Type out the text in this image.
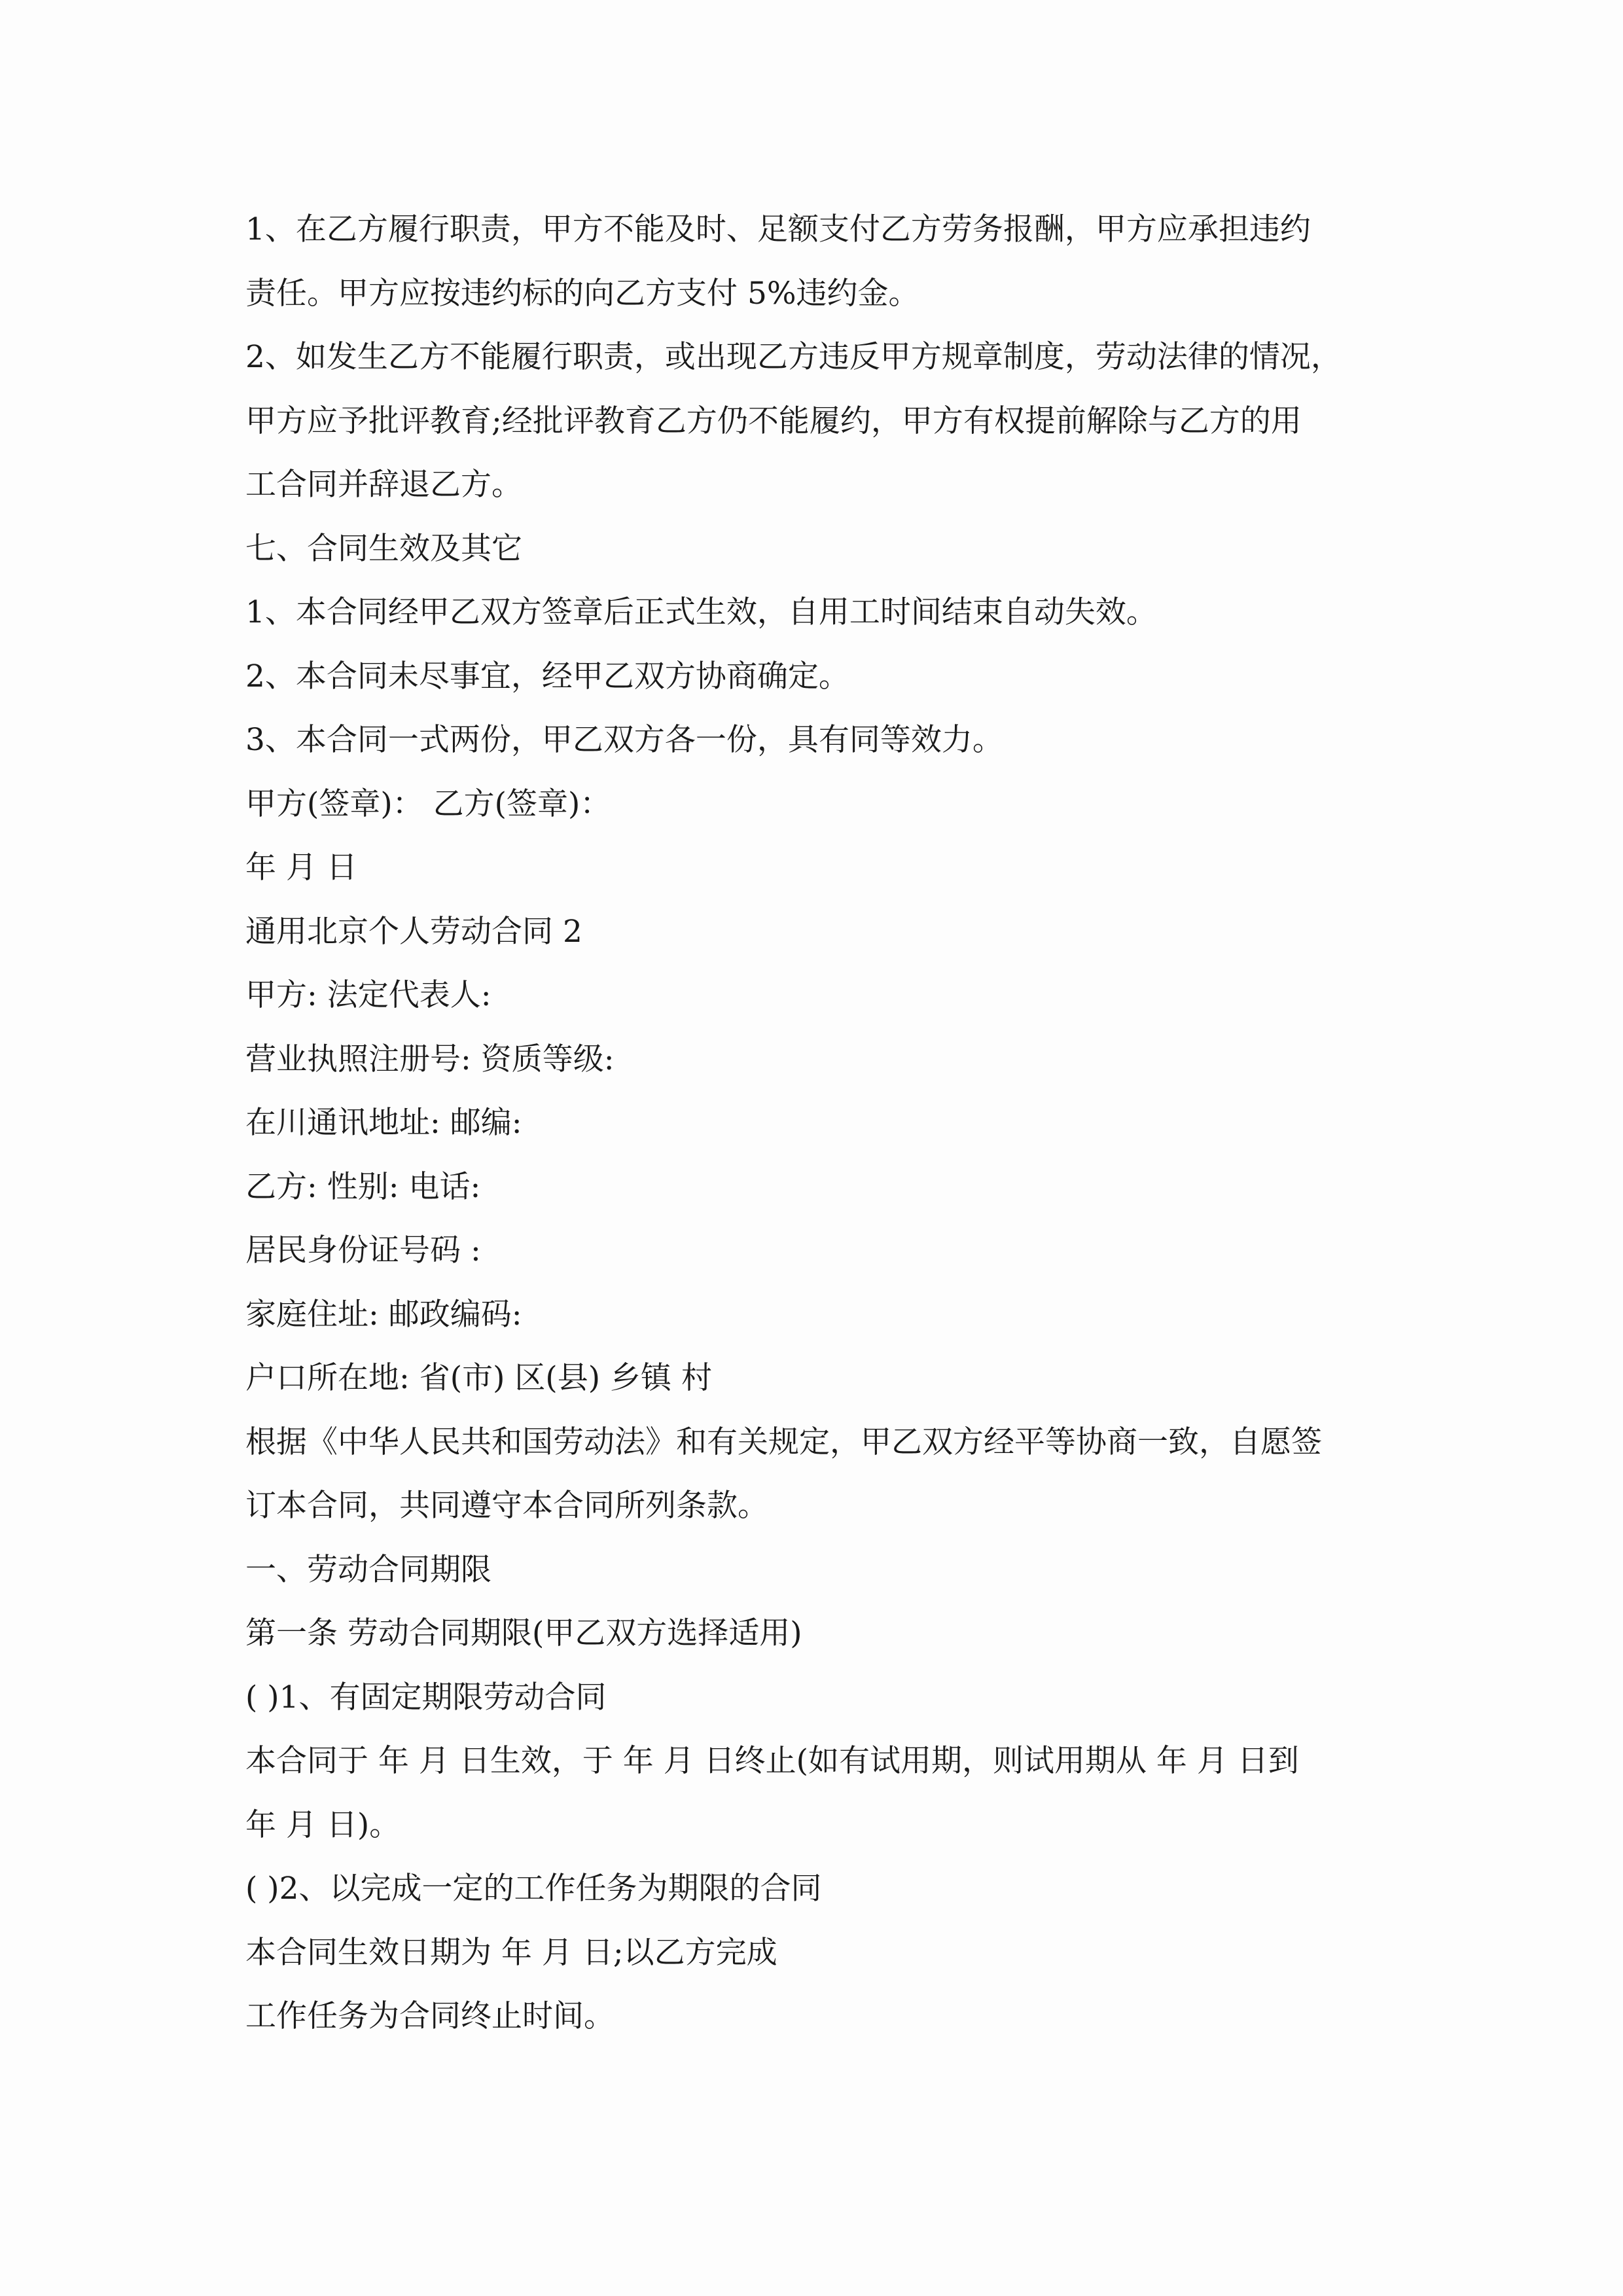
1、在乙方履行职责，甲方不能及时、足额支付乙方劳务报酬，甲方应承担违约
责任。甲方应按违约标的向乙方支付 5%违约金。
2、如发生乙方不能履行职责，或出现乙方违反甲方规章制度，劳动法律的情况，
甲方应予批评教育;经批评教育乙方仍不能履约，甲方有权提前解除与乙方的用
工合同并辞退乙方。
七、合同生效及其它
1、本合同经甲乙双方签章后正式生效，自用工时间结束自动失效。
2、本合同未尽事宜，经甲乙双方协商确定。
3、本合同一式两份，甲乙双方各一份，具有同等效力。
甲方(签章)： 乙方(签章)：
年 月 日
通用北京个人劳动合同 2
甲方: 法定代表人:
营业执照注册号: 资质等级:
在川通讯地址: 邮编:
乙方: 性别: 电话:
居民身份证号码 :
家庭住址: 邮政编码:
户口所在地: 省(市) 区(县) 乡镇 村
根据《中华人民共和国劳动法》和有关规定，甲乙双方经平等协商一致，自愿签
订本合同，共同遵守本合同所列条款。
一、劳动合同期限
第一条 劳动合同期限(甲乙双方选择适用)
( )1、有固定期限劳动合同
本合同于 年 月 日生效，于 年 月 日终止(如有试用期，则试用期从 年 月 日到
年 月 日)。
( )2、以完成一定的工作任务为期限的合同
本合同生效日期为 年 月 日;以乙方完成
工作任务为合同终止时间。
